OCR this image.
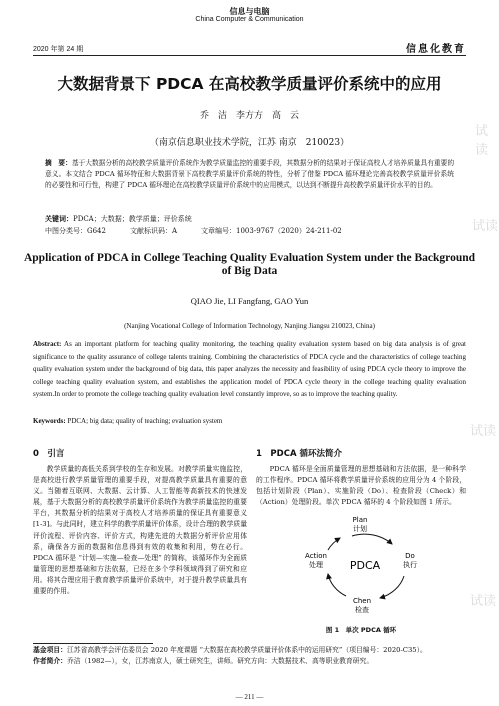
试读
试读
试读
试读
信息与电脑
China Computer & Communication
2020 年第 24 期	信息化教育
大数据背景下 PDCA 在高校教学质量评价系统中的应用
乔　洁　李方方　高　云
（南京信息职业技术学院，江苏 南京　210023）
摘　要：基于大数据分析的高校教学质量评价系统作为教学质量监控的重要手段，其数据分析的结果对于保证高校人才培养质量具有重要的意义。本文结合 PDCA 循环特征和大数据背景下高校教学质量评价系统的特性，分析了借鉴 PDCA 循环理论完善高校教学质量评价系统的必要性和可行性，构建了 PDCA 循环理论在高校教学质量评价系统中的应用模式，以达到不断提升高校教学质量评价水平的目的。
关键词：PDCA；大数据；教学质量；评价系统
中图分类号：G642	文献标识码：A	文章编号：1003-9767（2020）24-211-02
Application of PDCA in College Teaching Quality Evaluation System under the Background of Big Data
QIAO Jie, LI Fangfang, GAO Yun
(Nanjing Vocational College of Information Technology, Nanjing Jiangsu 210023, China)
Abstract: As an important platform for teaching quality monitoring, the teaching quality evaluation system based on big data analysis is of great significance to the quality assurance of college talents training. Combining the characteristics of PDCA cycle and the characteristics of college teaching quality evaluation system under the background of big data, this paper analyzes the necessity and feasibility of using PDCA cycle theory to improve the college teaching quality evaluation system, and establishes the application model of PDCA cycle theory in the college teaching quality evaluation system.In order to promote the college teaching quality evaluation level constantly improve, so as to improve the teaching quality.
Keywords: PDCA; big data; quality of teaching; evaluation system
0　引言
教学质量的高低关系到学校的生存和发展。对教学质量实施监控，是高校进行教学质量管理的重要手段，对提高教学质量具有重要的意义。当随着互联网、大数据、云计算、人工智能等高新技术的快速发展，基于大数据分析的高校教学质量评价系统作为教学质量监控的重要平台，其数据分析的结果对于高校人才培养质量的保证具有重要意义 [1-3]。与此同时，建立科学的教学质量评价体系，设计合理的教学质量评价流程、评价内容、评价方式，构建先进的大数据分析评价应用体系，确保各方面的数据和信息得到有效的收集和利用，势在必行。PDCA 循环是 “计划—实施—检查—处理” 的简称，该循环作为全面质量管理的思想基础和方法依据，已经在多个学科领域得到了研究和应用。将其合理应用于教育教学质量评价系统中，对于提升教学质量具有重要的作用。
1　PDCA 循环法简介
PDCA 循环是全面质量管理的思想基础和方法依据，是一种科学的工作程序。PDCA 循环将教学质量评价系统的应用分为 4 个阶段，包括计划阶段（Plan）、实施阶段（Do）、检查阶段（Check）和（Action）处理阶段。单次 PDCA 循环的 4 个阶段如图 1 所示。
PDCA
Plan
计划
Do
执行
Chen
检查
Action
处理
图 1　单次 PDCA 循环
基金项目：江苏省高教学会评估委员会 2020 年度课题 “大数据在高校教学质量评价体系中的运用研究”（项目编号：2020-C35）。
作者简介：乔洁（1982—），女，江苏南京人，硕士研究生，讲师。研究方向：大数据技术、高等职业教育研究。
— 211 —
